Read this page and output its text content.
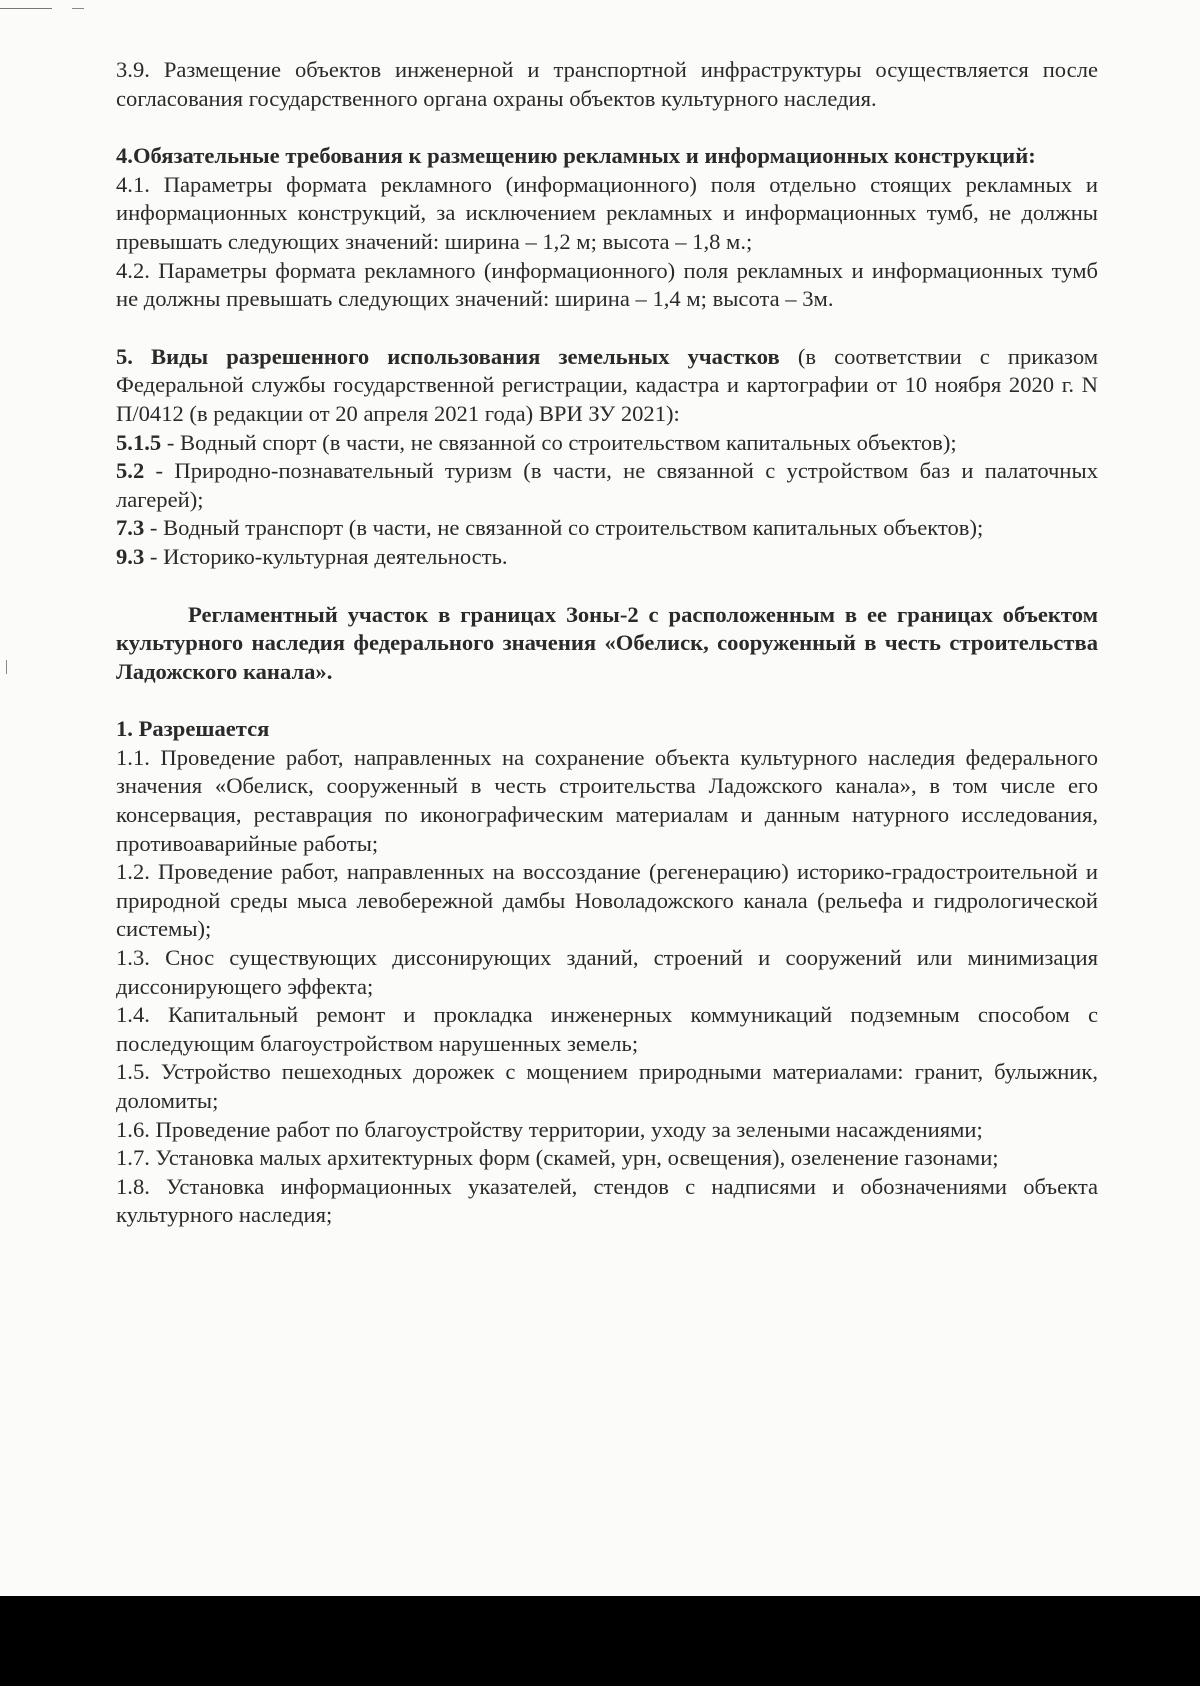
3.9. Размещение объектов инженерной и транспортной инфраструктуры осуществляется после согласования государственного органа охраны объектов культурного наследия.

4.Обязательные требования к размещению рекламных и информационных конструкций:

4.1. Параметры формата рекламного (информационного) поля отдельно стоящих рекламных и информационных конструкций, за исключением рекламных и информационных тумб, не должны превышать следующих значений: ширина – 1,2 м; высота – 1,8 м.;

4.2. Параметры формата рекламного (информационного) поля рекламных и информационных тумб не должны превышать следующих значений: ширина – 1,4 м; высота – 3м.

5. Виды разрешенного использования земельных участков (в соответствии с приказом Федеральной службы государственной регистрации, кадастра и картографии от 10 ноября 2020 г. N П/0412 (в редакции от 20 апреля 2021 года) ВРИ ЗУ 2021):

5.1.5 - Водный спорт (в части, не связанной со строительством капитальных объектов);

5.2 - Природно-познавательный туризм (в части, не связанной с устройством баз и палаточных лагерей);

7.3 - Водный транспорт (в части, не связанной со строительством капитальных объектов);

9.3 - Историко-культурная деятельность.

Регламентный участок в границах Зоны-2 с расположенным в ее границах объектом культурного наследия федерального значения «Обелиск, сооруженный в честь строительства Ладожского канала».

1. Разрешается

1.1. Проведение работ, направленных на сохранение объекта культурного наследия федерального значения «Обелиск, сооруженный в честь строительства Ладожского канала», в том числе его консервация, реставрация по иконографическим материалам и данным натурного исследования, противоаварийные работы;

1.2. Проведение работ, направленных на воссоздание (регенерацию) историко-градостроительной и природной среды мыса левобережной дамбы Новоладожского канала (рельефа и гидрологической системы);

1.3. Снос существующих диссонирующих зданий, строений и сооружений или минимизация диссонирующего эффекта;

1.4. Капитальный ремонт и прокладка инженерных коммуникаций подземным способом с последующим благоустройством нарушенных земель;

1.5. Устройство пешеходных дорожек с мощением природными материалами: гранит, булыжник, доломиты;

1.6. Проведение работ по благоустройству территории, уходу за зелеными насаждениями;

1.7. Установка малых архитектурных форм (скамей, урн, освещения), озеленение газонами;

1.8. Установка информационных указателей, стендов с надписями и обозначениями объекта культурного наследия;
